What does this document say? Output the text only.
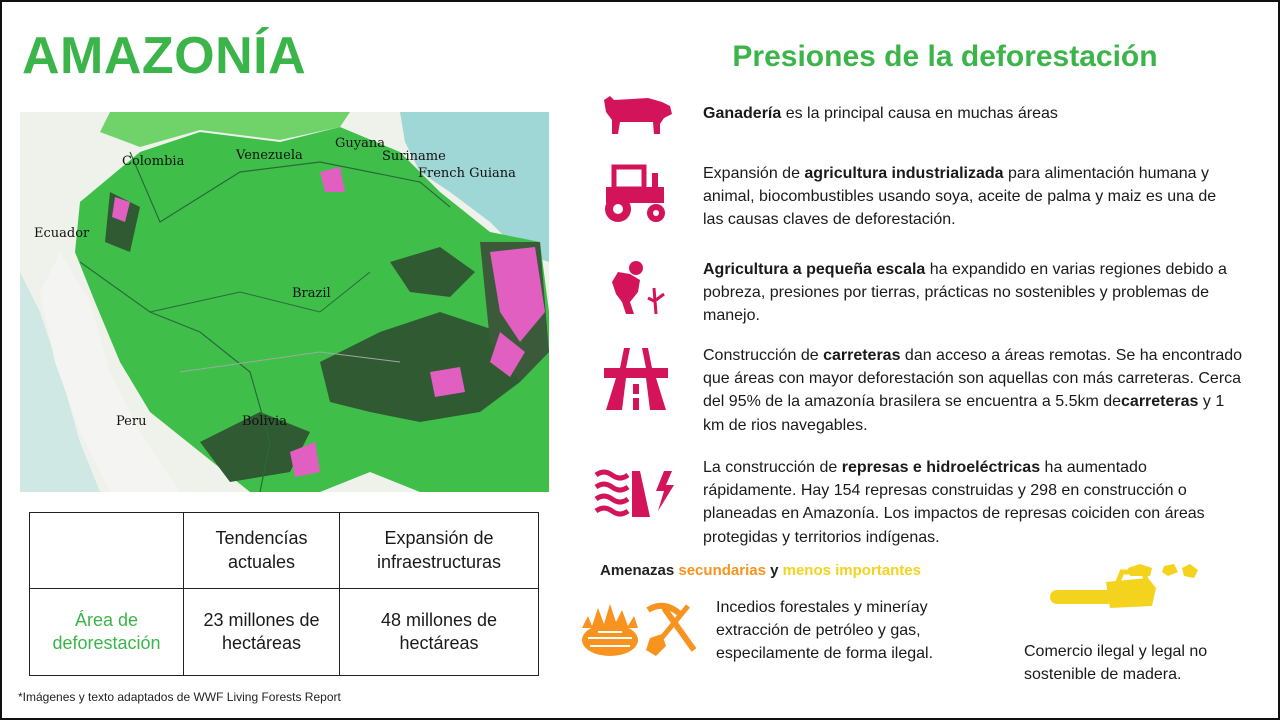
AMAZONÍA
Colombia	Venezuela
Guyana
Suriname
French Guiana
Ecuador
Brazil
Peru	Bolivia
	Tendencías actuales	Expansión de infraestructuras
Área de deforestación	23 millones de hectáreas	48 millones de hectáreas
*Imágenes y texto adaptados de WWF Living Forests Report
Presiones de la deforestación
Ganadería es la principal causa en muchas áreas
Expansión de agricultura industrializada para alimentación humana y animal, biocombustibles usando soya, aceite de palma y maiz es una de las causas claves de deforestación.
Agricultura a pequeña escala ha expandido en varias regiones debido a pobreza, presiones por tierras, prácticas no sostenibles y problemas de manejo.
Construcción de carreteras dan acceso a áreas remotas. Se ha encontrado que áreas con mayor deforestación son aquellas con más carreteras. Cerca del 95% de la amazonía brasilera se encuentra a 5.5km decarreteras y 1 km de rios navegables.
La construcción de represas e hidroeléctricas ha aumentado rápidamente. Hay 154 represas construidas y 298 en construcción o planeadas en Amazonía. Los impactos de represas coiciden con áreas protegidas y territorios indígenas.
Amenazas secundarias y menos importantes
Incedios forestales y mineríay extracción de petróleo y gas, especilamente de forma ilegal.	Comercio ilegal y legal no sostenible de madera.
